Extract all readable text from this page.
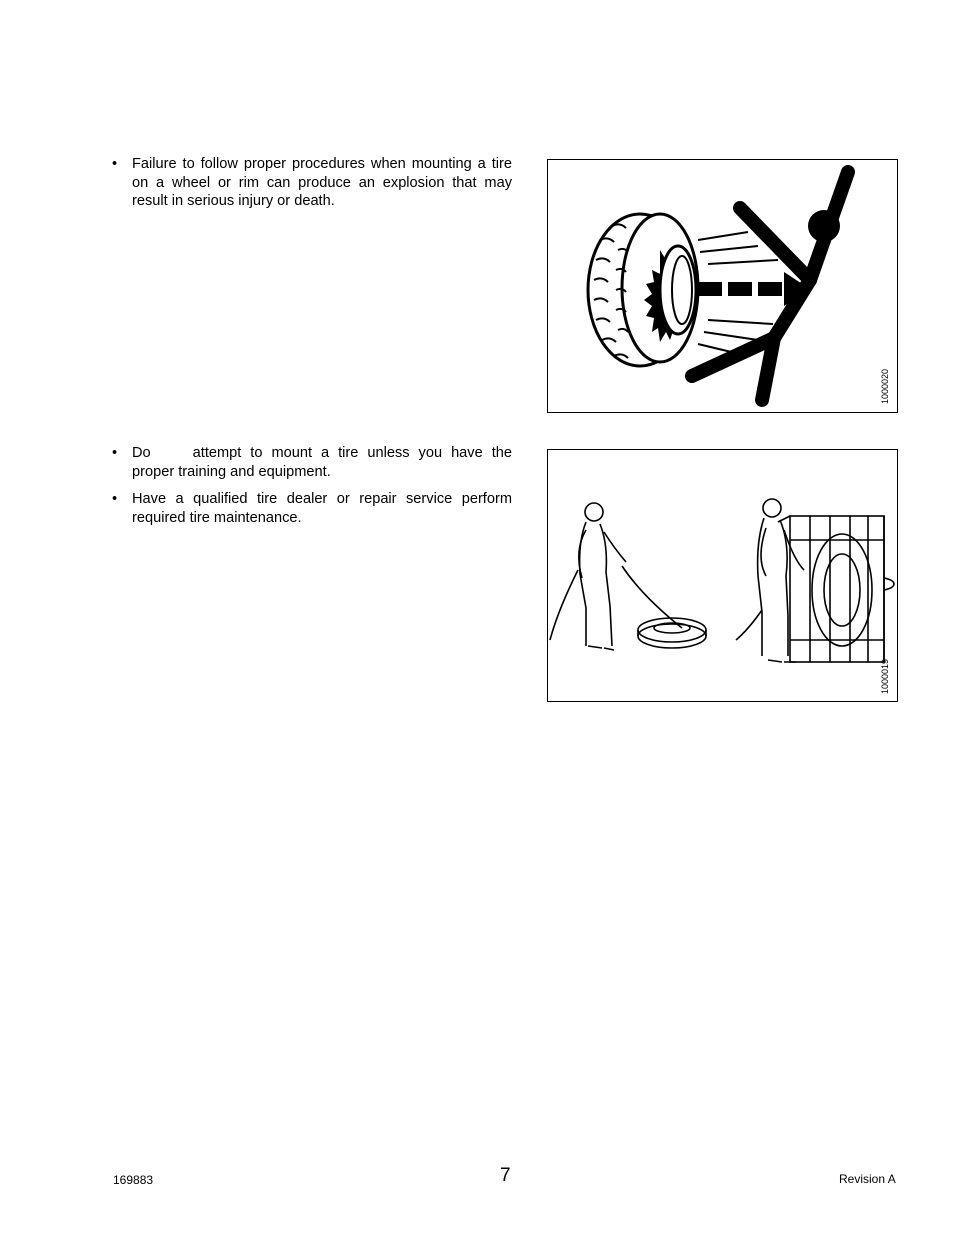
• Failure to follow proper procedures when mounting a tire on a wheel or rim can produce an explosion that may result in serious injury or death.

1000020

• Do	attempt to mount a tire unless you have the proper training and equipment.

• Have a qualified tire dealer or repair service perform required tire maintenance.

1000019
169883	7	Revision A
